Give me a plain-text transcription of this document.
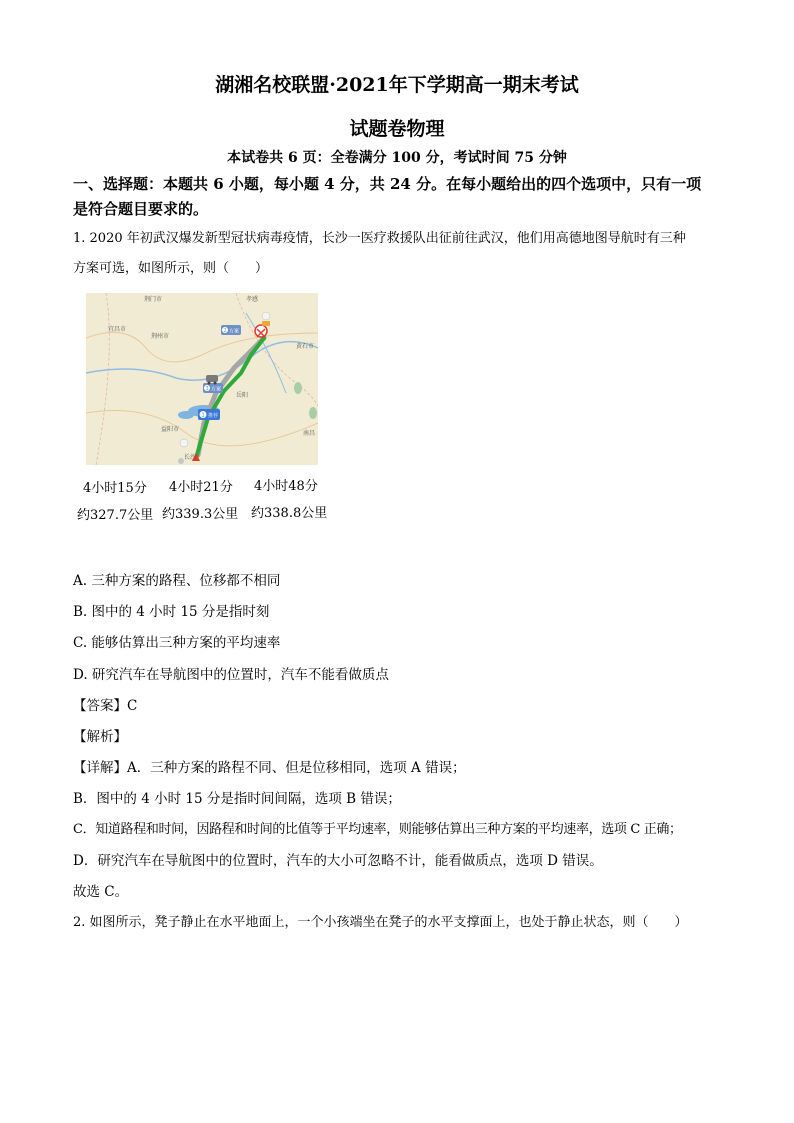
湖湘名校联盟·2021年下学期高一期末考试
试题卷物理
本试卷共 6 页：全卷满分 100 分，考试时间 75 分钟
一、选择题：本题共 6 小题，每小题 4 分，共 24 分。在每小题给出的四个选项中，只有一项
是符合题目要求的。
1. 2020 年初武汉爆发新型冠状病毒疫情，长沙一医疗救援队出征前往武汉，他们用高德地图导航时有三种
方案可选，如图所示，则（　　）
2 方案
3 方案
1 推荐
荆门市	孝感
宜昌市
荆州市
黄石市
岳阳
益阳市
长沙
南昌
4小时15分 4小时21分 4小时48分
约327.7公里 约339.3公里 约338.8公里
A. 三种方案的路程、位移都不相同
B. 图中的 4 小时 15 分是指时刻
C. 能够估算出三种方案的平均速率
D. 研究汽车在导航图中的位置时，汽车不能看做质点
【答案】C
【解析】
【详解】A．三种方案的路程不同、但是位移相同，选项 A 错误；
B．图中的 4 小时 15 分是指时间间隔，选项 B 错误；
C．知道路程和时间，因路程和时间的比值等于平均速率，则能够估算出三种方案的平均速率，选项 C 正确；
D．研究汽车在导航图中的位置时，汽车的大小可忽略不计，能看做质点，选项 D 错误。
故选 C。
2. 如图所示，凳子静止在水平地面上，一个小孩端坐在凳子的水平支撑面上，也处于静止状态，则（　　）
